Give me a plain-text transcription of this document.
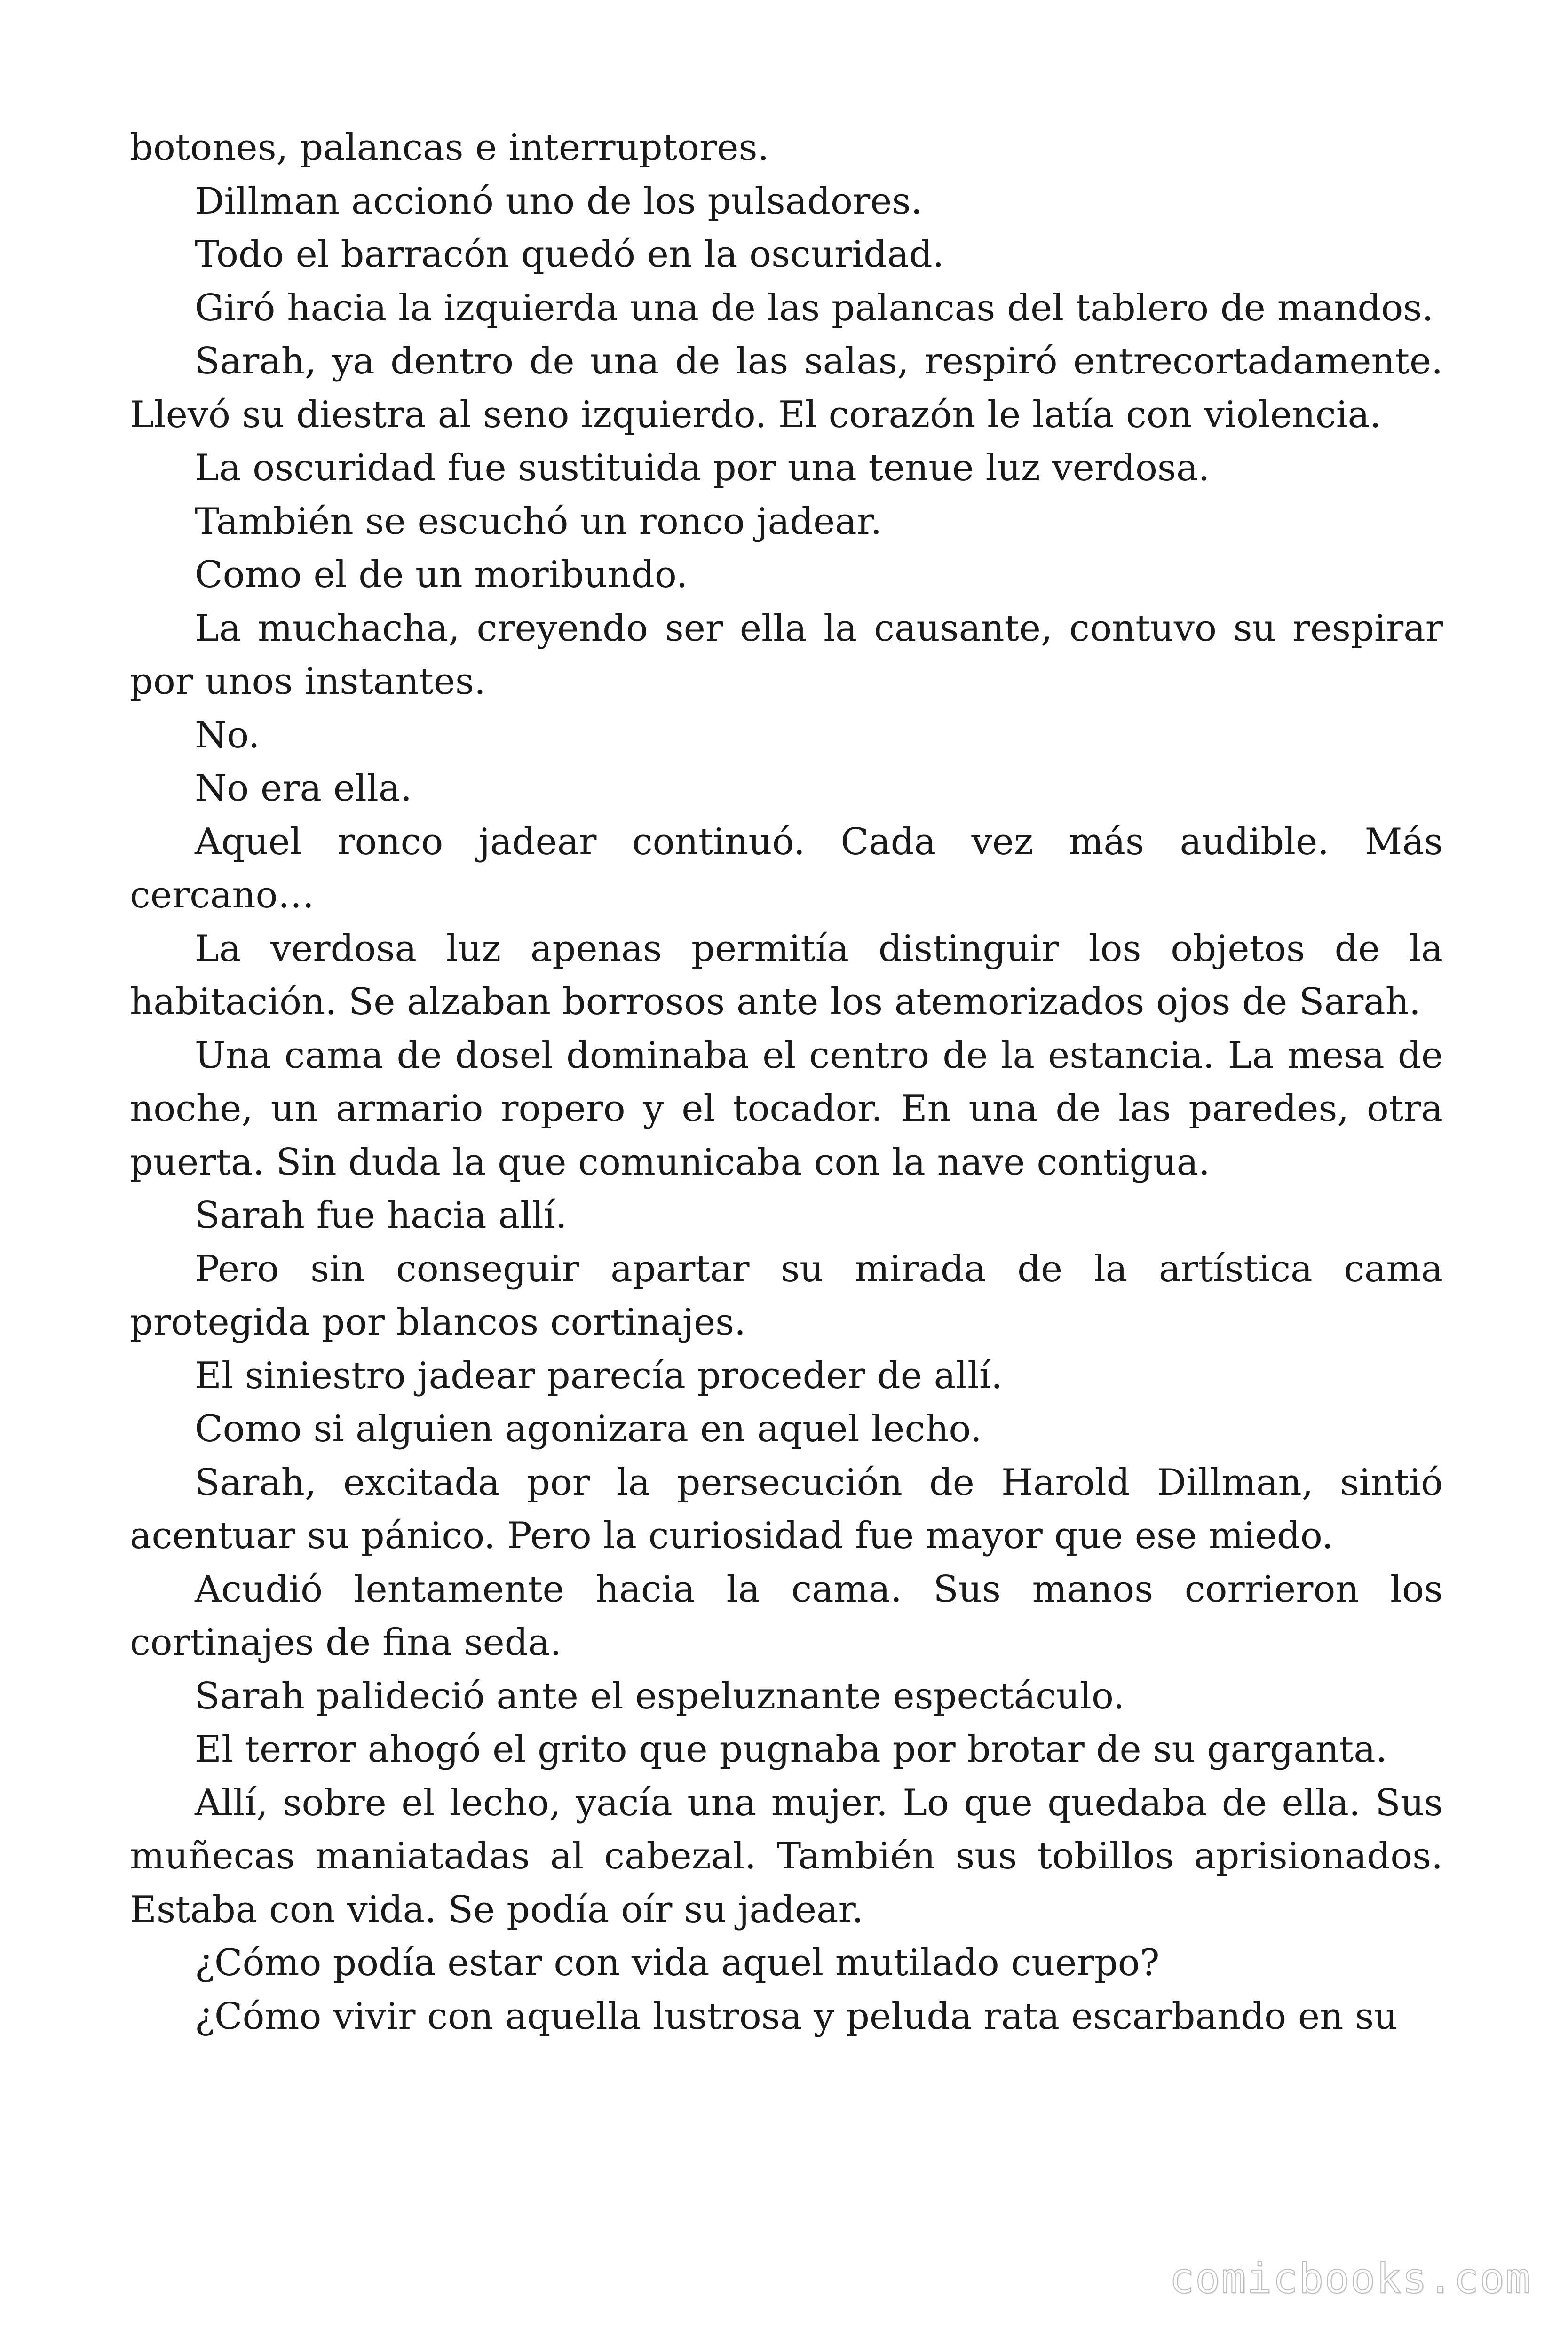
botones, palancas e interruptores.

Dillman accionó uno de los pulsadores.

Todo el barracón quedó en la oscuridad.

Giró hacia la izquierda una de las palancas del tablero de mandos.

Sarah, ya dentro de una de las salas, respiró entrecortadamente. Llevó su diestra al seno izquierdo. El corazón le latía con violencia.

La oscuridad fue sustituida por una tenue luz verdosa.

También se escuchó un ronco jadear.

Como el de un moribundo.

La muchacha, creyendo ser ella la causante, contuvo su respirar por unos instantes.

No.

No era ella.

Aquel ronco jadear continuó. Cada vez más audible. Más cercano…

La verdosa luz apenas permitía distinguir los objetos de la habitación. Se alzaban borrosos ante los atemorizados ojos de Sarah.

Una cama de dosel dominaba el centro de la estancia. La mesa de noche, un armario ropero y el tocador. En una de las paredes, otra puerta. Sin duda la que comunicaba con la nave contigua.

Sarah fue hacia allí.

Pero sin conseguir apartar su mirada de la artística cama protegida por blancos cortinajes.

El siniestro jadear parecía proceder de allí.

Como si alguien agonizara en aquel lecho.

Sarah, excitada por la persecución de Harold Dillman, sintió acentuar su pánico. Pero la curiosidad fue mayor que ese miedo.

Acudió lentamente hacia la cama. Sus manos corrieron los cortinajes de fina seda.

Sarah palideció ante el espeluznante espectáculo.

El terror ahogó el grito que pugnaba por brotar de su garganta.

Allí, sobre el lecho, yacía una mujer. Lo que quedaba de ella. Sus muñecas maniatadas al cabezal. También sus tobillos aprisionados. Estaba con vida. Se podía oír su jadear.

¿Cómo podía estar con vida aquel mutilado cuerpo?

¿Cómo vivir con aquella lustrosa y peluda rata escarbando en su

comicbooks.com
